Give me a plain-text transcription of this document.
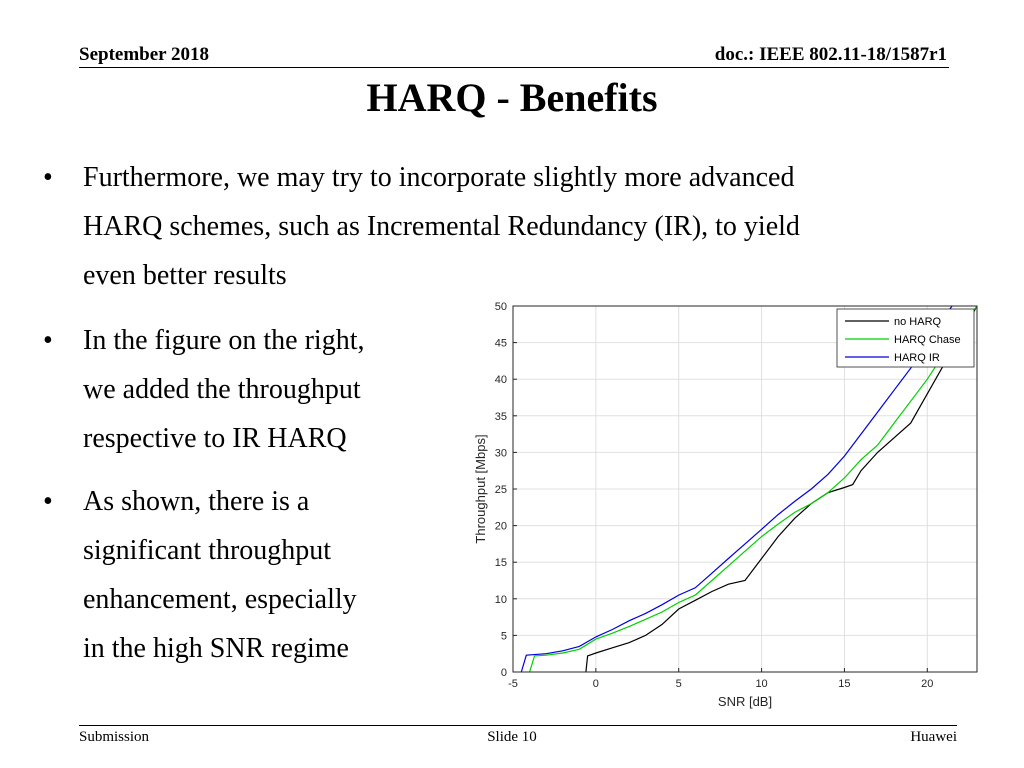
September 2018	doc.: IEEE 802.11-18/1587r1
HARQ - Benefits
• Furthermore, we may try to incorporate slightly more advanced
HARQ schemes, such as Incremental Redundancy (IR), to yield
even better results
• In the figure on the right,
we added the throughput
respective to IR HARQ
• As shown, there is a
significant throughput
enhancement, especially
in the high SNR regime
-5	0	5	10	15	20
0
5
10
15
20
25
30
35
40
45
50
SNR [dB]
Throughput [Mbps]
no HARQ
HARQ Chase
HARQ IR
Submission	Slide 10	Huawei
